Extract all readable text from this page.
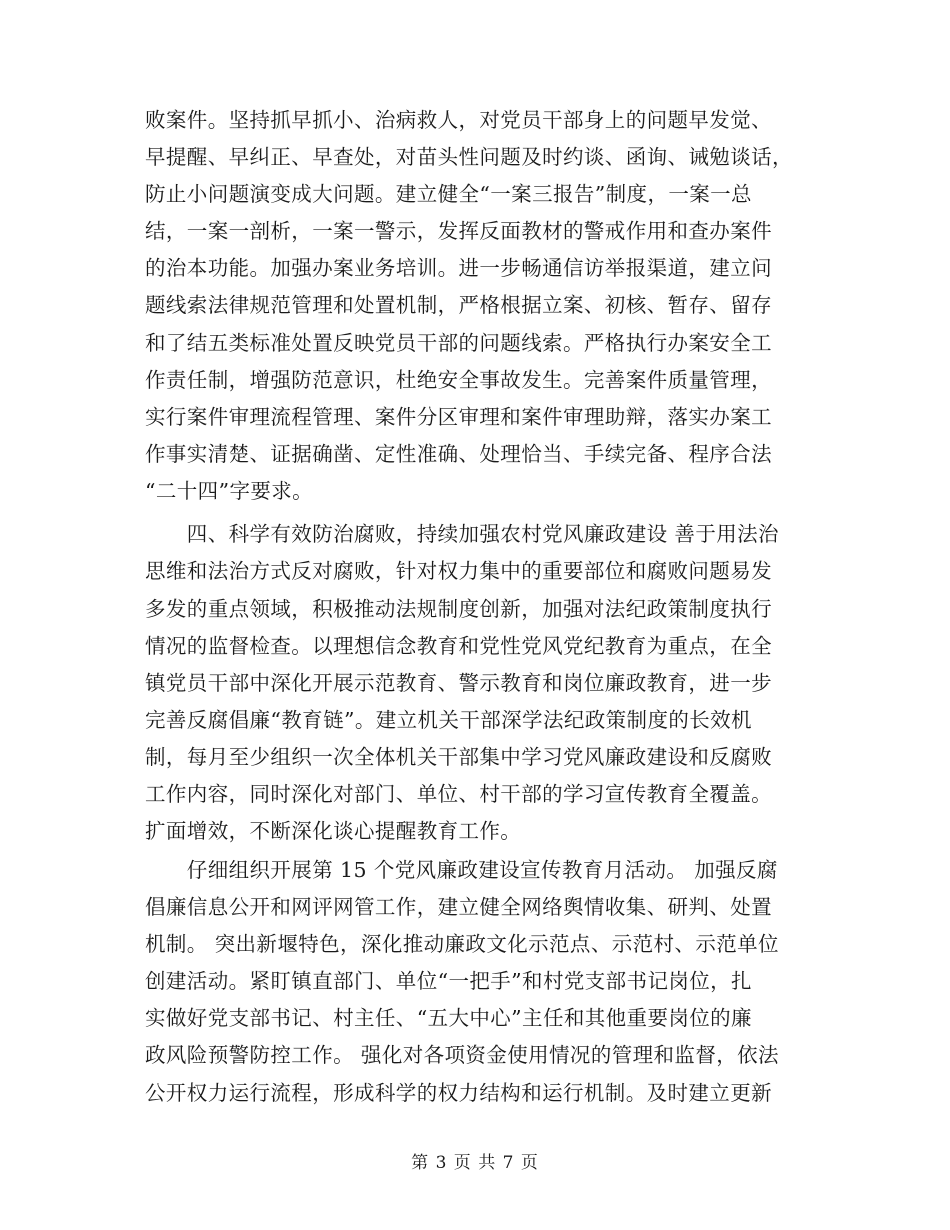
败案件。坚持抓早抓小、治病救人，对党员干部身上的问题早发觉、
早提醒、早纠正、早查处，对苗头性问题及时约谈、函询、诫勉谈话，
防止小问题演变成大问题。建立健全“一案三报告”制度，一案一总
结，一案一剖析，一案一警示，发挥反面教材的警戒作用和查办案件
的治本功能。加强办案业务培训。进一步畅通信访举报渠道，建立问
题线索法律规范管理和处置机制，严格根据立案、初核、暂存、留存
和了结五类标准处置反映党员干部的问题线索。严格执行办案安全工
作责任制，增强防范意识，杜绝安全事故发生。完善案件质量管理，
实行案件审理流程管理、案件分区审理和案件审理助辩，落实办案工
作事实清楚、证据确凿、定性准确、处理恰当、手续完备、程序合法
“二十四”字要求。
　　四、科学有效防治腐败，持续加强农村党风廉政建设 善于用法治
思维和法治方式反对腐败，针对权力集中的重要部位和腐败问题易发
多发的重点领域，积极推动法规制度创新，加强对法纪政策制度执行
情况的监督检查。以理想信念教育和党性党风党纪教育为重点，在全
镇党员干部中深化开展示范教育、警示教育和岗位廉政教育，进一步
完善反腐倡廉“教育链”。建立机关干部深学法纪政策制度的长效机
制，每月至少组织一次全体机关干部集中学习党风廉政建设和反腐败
工作内容，同时深化对部门、单位、村干部的学习宣传教育全覆盖。
扩面增效，不断深化谈心提醒教育工作。
　　仔细组织开展第 15 个党风廉政建设宣传教育月活动。 加强反腐
倡廉信息公开和网评网管工作，建立健全网络舆情收集、研判、处置
机制。 突出新堰特色，深化推动廉政文化示范点、示范村、示范单位
创建活动。紧盯镇直部门、单位“一把手”和村党支部书记岗位，扎
实做好党支部书记、村主任、“五大中心”主任和其他重要岗位的廉
政风险预警防控工作。 强化对各项资金使用情况的管理和监督，依法
公开权力运行流程，形成科学的权力结构和运行机制。及时建立更新
第 3 页 共 7 页
